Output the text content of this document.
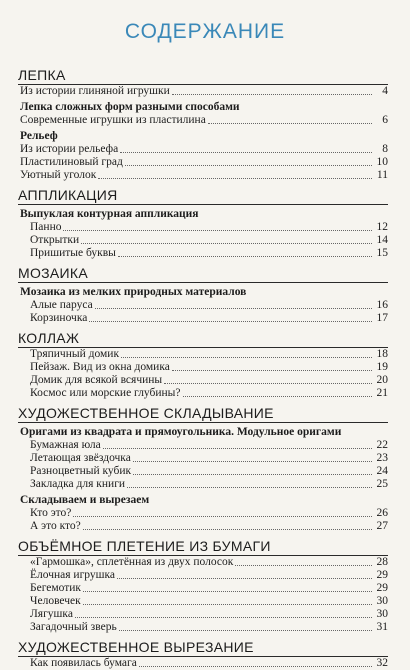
СОДЕРЖАНИЕ
ЛЕПКА
Из истории глиняной игрушки	4
Лепка сложных форм разными способами
Современные игрушки из пластилина	6
Рельеф
Из истории рельефа	8
Пластилиновый град	10
Уютный уголок	11
АППЛИКАЦИЯ
Выпуклая контурная аппликация
Панно	12
Открытки	14
Пришитые буквы	15
МОЗАИКА
Мозаика из мелких природных материалов
Алые паруса	16
Корзиночка	17
КОЛЛАЖ
Тряпичный домик	18
Пейзаж. Вид из окна домика	19
Домик для всякой всячины	20
Космос или морские глубины?	21
ХУДОЖЕСТВЕННОЕ СКЛАДЫВАНИЕ
Оригами из квадрата и прямоугольника. Модульное оригами
Бумажная юла	22
Летающая звёздочка	23
Разноцветный кубик	24
Закладка для книги	25
Складываем и вырезаем
Кто это?	26
А это кто?	27
ОБЪЁМНОЕ ПЛЕТЕНИЕ ИЗ БУМАГИ
«Гармошка», сплетённая из двух полосок	28
Ёлочная игрушка	29
Бегемотик	29
Человечек	30
Лягушка	30
Загадочный зверь	31
ХУДОЖЕСТВЕННОЕ ВЫРЕЗАНИЕ
Как появилась бумага	32
